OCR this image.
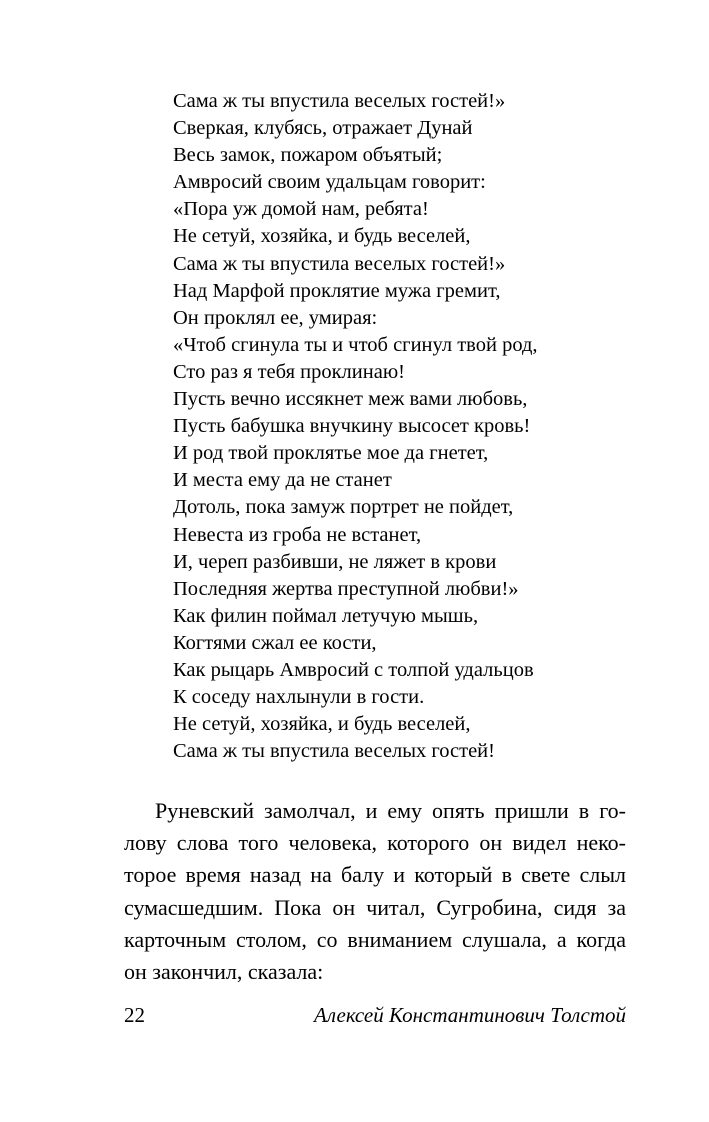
Сама ж ты впустила веселых гостей!»
Сверкая, клубясь, отражает Дунай
Весь замок, пожаром объятый;
Амвросий своим удальцам говорит:
«Пора уж домой нам, ребята!
Не сетуй, хозяйка, и будь веселей,
Сама ж ты впустила веселых гостей!»
Над Марфой проклятие мужа гремит,
Он проклял ее, умирая:
«Чтоб сгинула ты и чтоб сгинул твой род,
Сто раз я тебя проклинаю!
Пусть вечно иссякнет меж вами любовь,
Пусть бабушка внучкину высосет кровь!
И род твой проклятье мое да гнетет,
И места ему да не станет
Дотоль, пока замуж портрет не пойдет,
Невеста из гроба не встанет,
И, череп разбивши, не ляжет в крови
Последняя жертва преступной любви!»
Как филин поймал летучую мышь,
Когтями сжал ее кости,
Как рыцарь Амвросий с толпой удальцов
К соседу нахлынули в гости.
Не сетуй, хозяйка, и будь веселей,
Сама ж ты впустила веселых гостей!
Руневский замолчал, и ему опять пришли в го-
лову слова того человека, которого он видел неко-
торое время назад на балу и который в свете слыл
сумасшедшим. Пока он читал, Сугробина, сидя за
карточным столом, со вниманием слушала, а когда
он закончил, сказала:
22	Алексей Константинович Толстой
